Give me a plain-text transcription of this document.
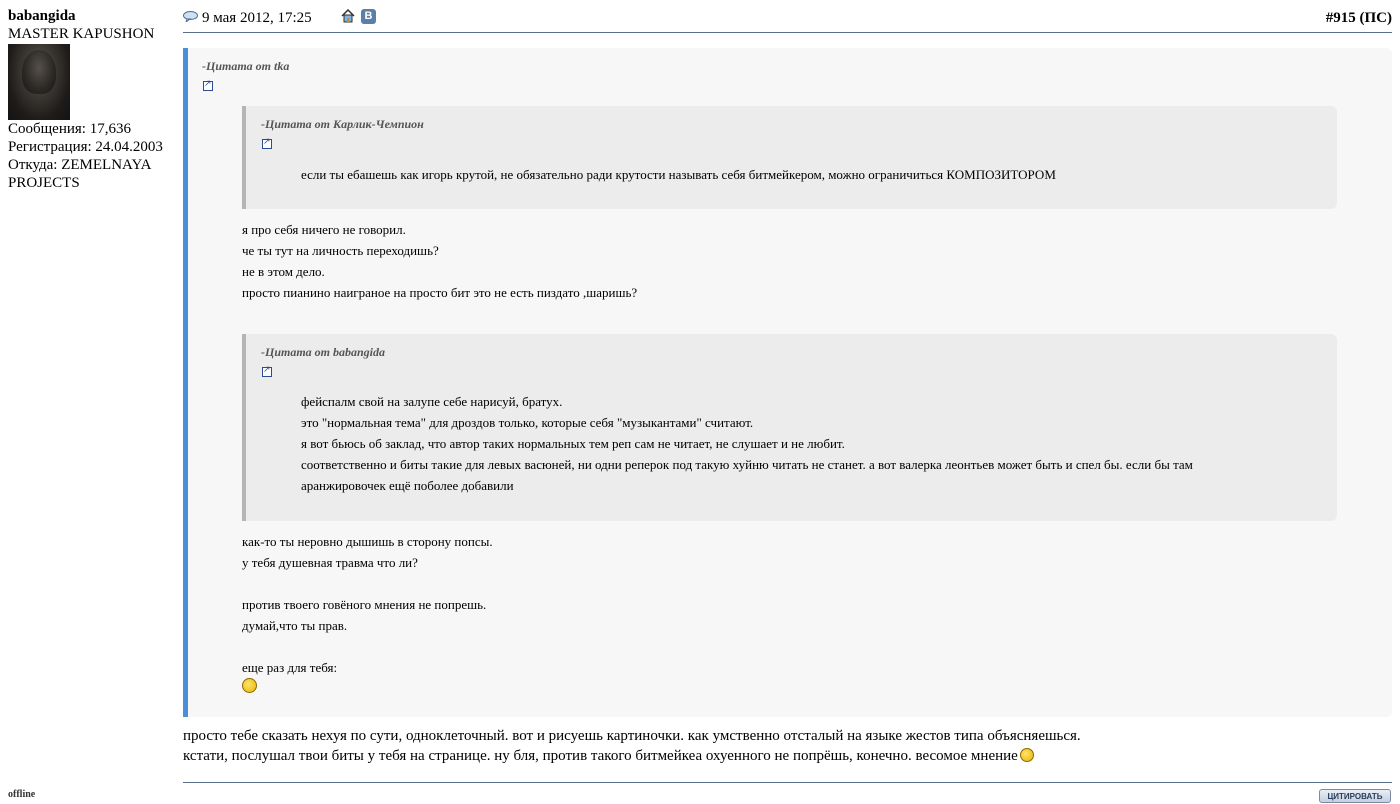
babangida
MASTER KAPUSHON
Сообщения: 17,636
Регистрация: 24.04.2003
Откуда: ZEMELNAYA PROJECTS
offline
9 мая 2012, 17:25	В	#915 (ПС)
-Цитата от tka
↗
-Цитата от Карлик-Чемпион
↗
если ты ебашешь как игорь крутой, не обязательно ради крутости называть себя битмейкером, можно ограничиться КОМПОЗИТОРОМ
я про себя ничего не говорил.
че ты тут на личность переходишь?
не в этом дело.
просто пианино наиграное на просто бит это не есть пиздато ,шаришь?
-Цитата от babangida
↗
фейспалм свой на залупе себе нарисуй, братух.
это "нормальная тема" для дроздов только, которые себя "музыкантами" считают.
я вот бьюсь об заклад, что автор таких нормальных тем реп сам не читает, не слушает и не любит.
соответственно и биты такие для левых васюней, ни одни реперок под такую хуйню читать не станет. а вот валерка леонтьев может быть и спел бы. если бы там
аранжировочек ещё поболее добавили
как-то ты неровно дышишь в сторону попсы.
у тебя душевная травма что ли?

против твоего говёного мнения не попрешь.
думай,что ты прав.

еще раз для тебя:
просто тебе сказать нехуя по сути, одноклеточный. вот и рисуешь картиночки. как умственно отсталый на языке жестов типа объясняешься.
кстати, послушал твои биты у тебя на странице. ну бля, против такого битмейкеа охуенного не попрёшь, конечно. весомое мнение
ЦИТИРОВАТЬ
